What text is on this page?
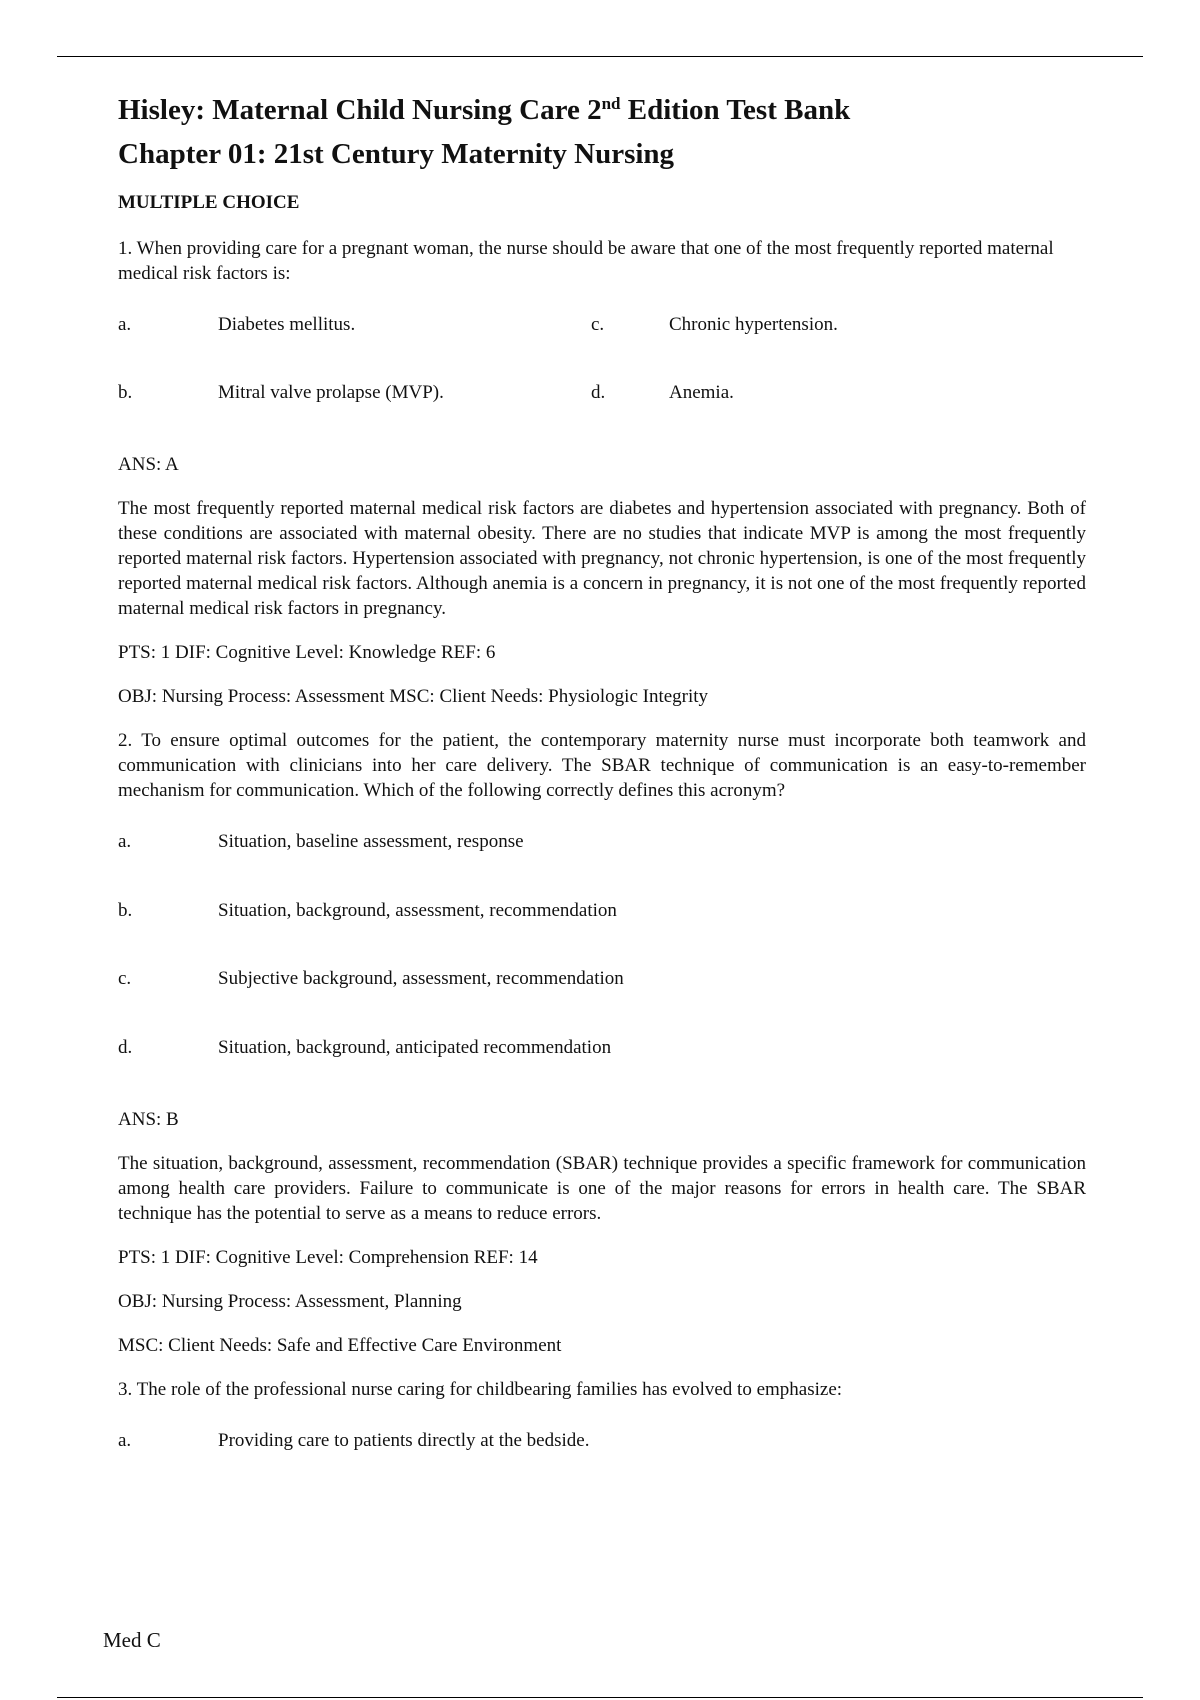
Hisley: Maternal Child Nursing Care 2nd Edition Test Bank
Chapter 01: 21st Century Maternity Nursing
MULTIPLE CHOICE

1. When providing care for a pregnant woman, the nurse should be aware that one of the most frequently reported maternal medical risk factors is:

a.	Diabetes mellitus.	c.	Chronic hypertension.
b.	Mitral valve prolapse (MVP).	d.	Anemia.

ANS: A

The most frequently reported maternal medical risk factors are diabetes and hypertension associated with pregnancy. Both of these conditions are associated with maternal obesity. There are no studies that indicate MVP is among the most frequently reported maternal risk factors. Hypertension associated with pregnancy, not chronic hypertension, is one of the most frequently reported maternal medical risk factors. Although anemia is a concern in pregnancy, it is not one of the most frequently reported maternal medical risk factors in pregnancy.

PTS: 1 DIF: Cognitive Level: Knowledge REF: 6

OBJ: Nursing Process: Assessment MSC: Client Needs: Physiologic Integrity

2. To ensure optimal outcomes for the patient, the contemporary maternity nurse must incorporate both teamwork and communication with clinicians into her care delivery. The SBAR technique of communication is an easy-to-remember mechanism for communication. Which of the following correctly defines this acronym?

a.	Situation, baseline assessment, response
b.	Situation, background, assessment, recommendation
c.	Subjective background, assessment, recommendation
d.	Situation, background, anticipated recommendation

ANS: B

The situation, background, assessment, recommendation (SBAR) technique provides a specific framework for communication among health care providers. Failure to communicate is one of the major reasons for errors in health care. The SBAR technique has the potential to serve as a means to reduce errors.

PTS: 1 DIF: Cognitive Level: Comprehension REF: 14

OBJ: Nursing Process: Assessment, Planning

MSC: Client Needs: Safe and Effective Care Environment

3. The role of the professional nurse caring for childbearing families has evolved to emphasize:

a.	Providing care to patients directly at the bedside.
Med C
